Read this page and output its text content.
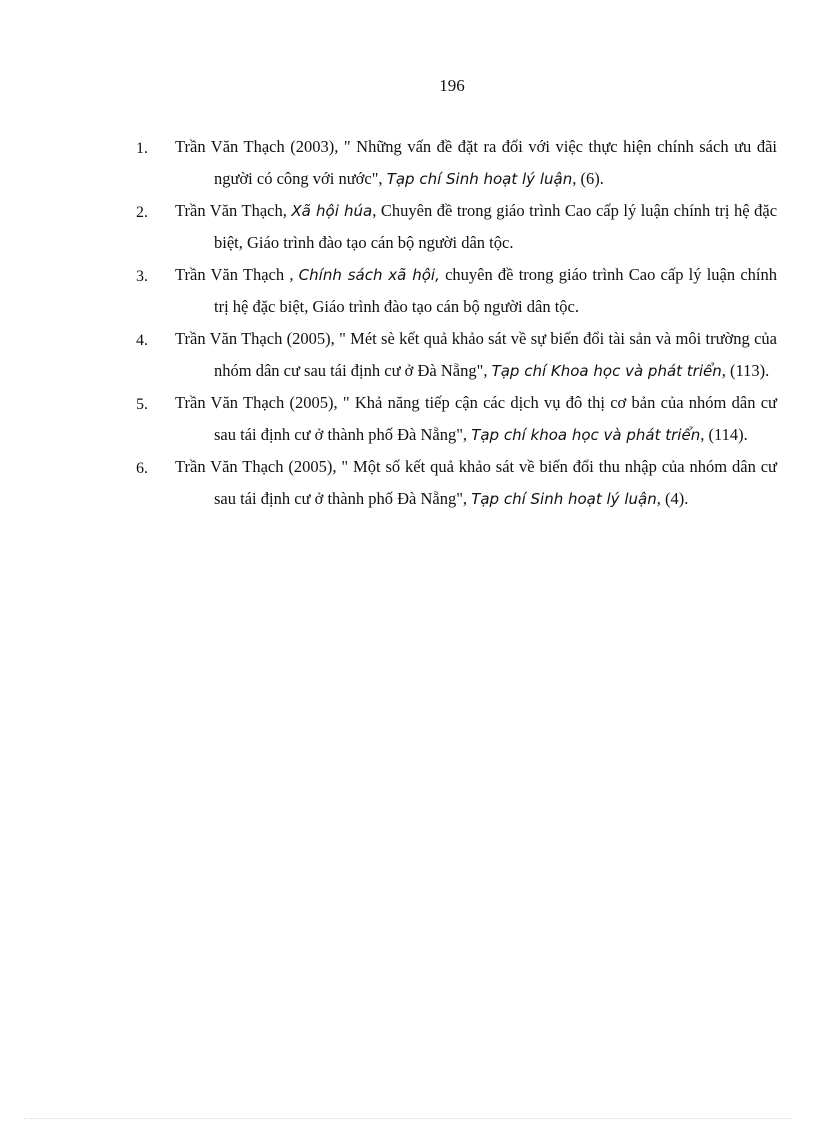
196
1. Trần Văn Thạch (2003), " Những vấn đề đặt ra đối với việc thực hiện chính sách ưu đãi người có công với nước", Tạp chí Sinh hoạt lý luận, (6).
2. Trần Văn Thạch, Xã hội húa, Chuyên đề trong giáo trình Cao cấp lý luận chính trị hệ đặc biệt, Giáo trình đào tạo cán bộ người dân tộc.
3. Trần Văn Thạch , Chính sách xã hội, chuyên đề trong giáo trình Cao cấp lý luận chính trị hệ đặc biệt, Giáo trình đào tạo cán bộ người dân tộc.
4. Trần Văn Thạch (2005), " Mét sè kết quả khảo sát về sự biến đổi tài sản và môi trường của nhóm dân cư sau tái định cư ở Đà Nẵng", Tạp chí Khoa học và phát triển, (113).
5. Trần Văn Thạch (2005), " Khả năng tiếp cận các dịch vụ đô thị cơ bản của nhóm dân cư sau tái định cư ở thành phố Đà Nẵng", Tạp chí khoa học và phát triển, (114).
6. Trần Văn Thạch (2005), " Một số kết quả khảo sát về biến đổi thu nhập của nhóm dân cư sau tái định cư ở thành phố Đà Nẵng", Tạp chí Sinh hoạt lý luận, (4).
